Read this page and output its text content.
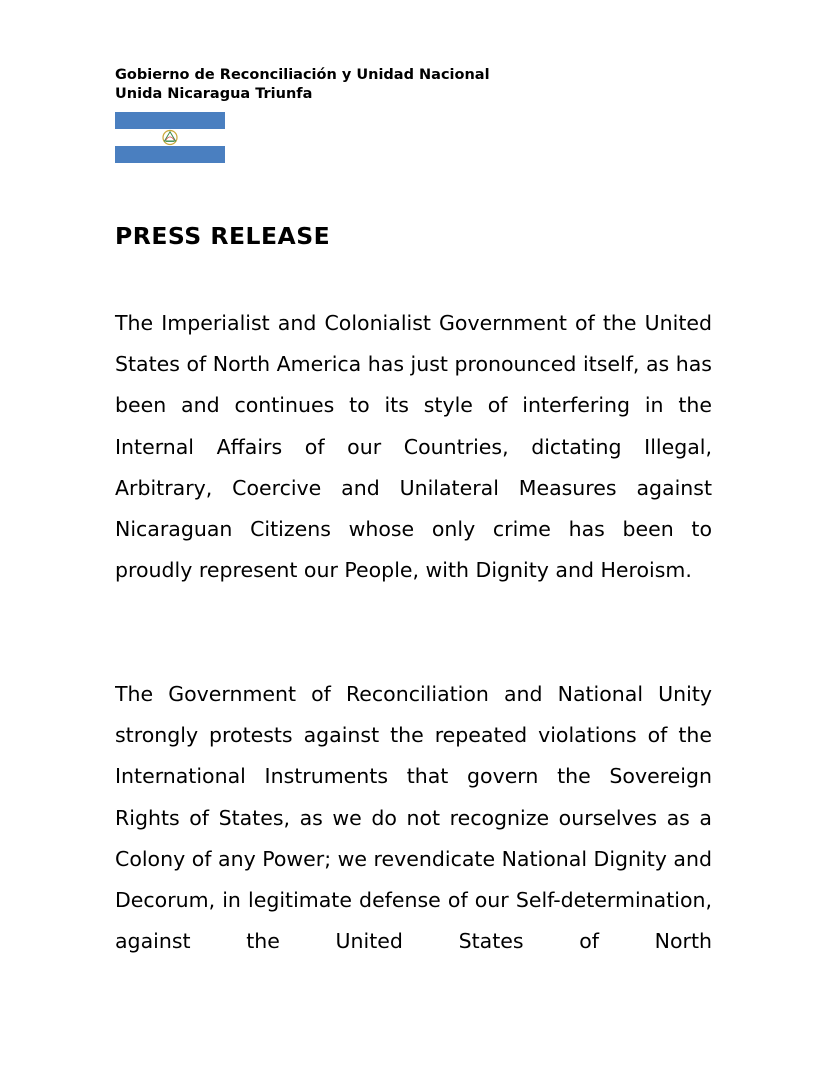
Gobierno de Reconciliación y Unidad Nacional
Unida Nicaragua Triunfa
PRESS RELEASE

The Imperialist and Colonialist Government of the United States of North America has just pronounced itself, as has been and continues to its style of interfering in the Internal Affairs of our Countries, dictating Illegal, Arbitrary, Coercive and Unilateral Measures against Nicaraguan Citizens whose only crime has been to proudly represent our People, with Dignity and Heroism.

The Government of Reconciliation and National Unity strongly protests against the repeated violations of the International Instruments that govern the Sovereign Rights of States, as we do not recognize ourselves as a Colony of any Power; we revendicate National Dignity and Decorum, in legitimate defense of our Self-determination, against the United States of North
